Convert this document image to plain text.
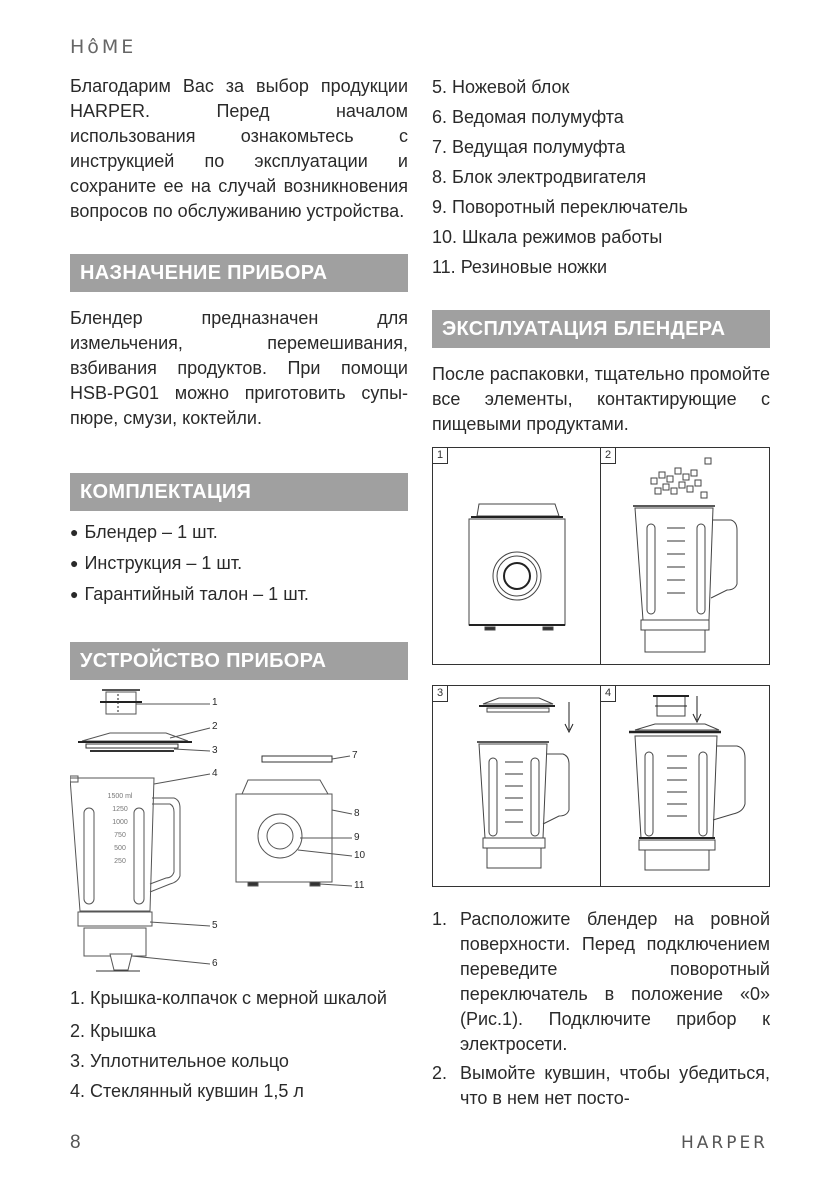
HôME

Благодарим Вас за выбор продукции HARPER. Перед началом использования ознакомьтесь с инструкцией по эксплуатации и сохраните ее на случай возникновения вопросов по обслуживанию устройства.

НАЗНАЧЕНИЕ ПРИБОРА

Блендер предназначен для измельчения, перемешивания, взбивания продуктов. При помощи HSB-PG01 можно приготовить супы-пюре, смузи, коктейли.

КОМПЛЕКТАЦИЯ
● Блендер – 1 шт.
● Инструкция – 1 шт.
● Гарантийный талон – 1 шт.
УСТРОЙСТВО ПРИБОРА
1500 ml
1250
1000
750
500
250
1
2
3
4
5
6
7
8
9
10
11
1. Крышка-колпачок с мерной шкалой
2. Крышка
3. Уплотнительное кольцо
4. Стеклянный кувшин 1,5 л
5. Ножевой блок
6. Ведомая полумуфта
7. Ведущая полумуфта
8. Блок электродвигателя
9. Поворотный переключатель
10. Шкала режимов работы
11. Резиновые ножки
ЭКСПЛУАТАЦИЯ БЛЕНДЕРА

После распаковки, тщательно промойте все элементы, контактирующие с пищевыми продуктами.

1	2
3	4
1. Расположите блендер на ровной поверхности. Перед подключением переведите поворотный переключатель в положение «0» (Рис.1). Подключите прибор к электросети.
2. Вымойте кувшин, чтобы убедиться, что в нем нет посто-
8	HARPER
